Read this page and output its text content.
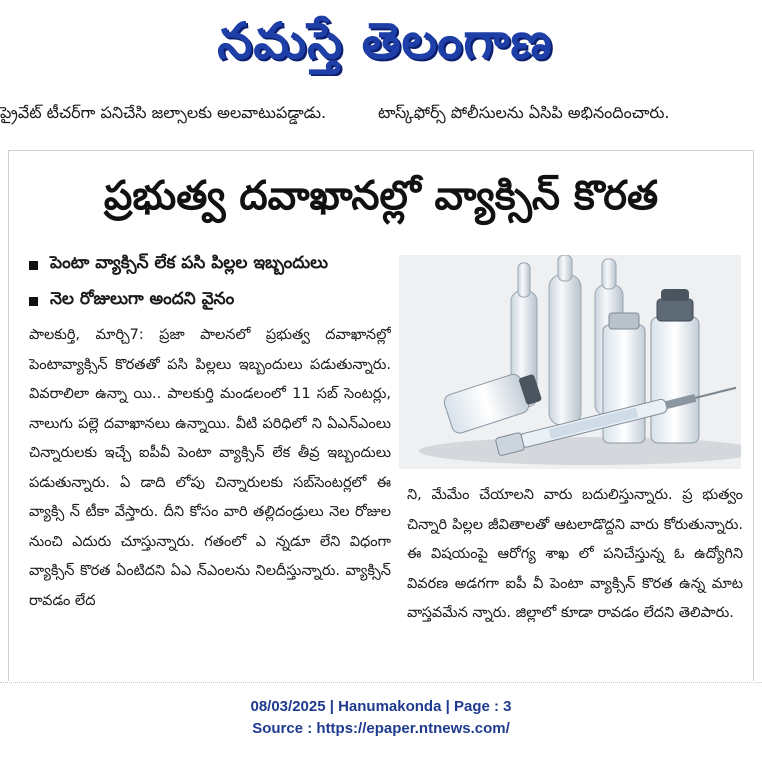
నమస్తే తెలంగాణ
ప్రైవేట్ టీచర్‌గా పనిచేసి జల్సాలకు అలవాటుపడ్డాడు.	టాస్క్‌ఫోర్స్ పోలీసులను ఏసిపి అభినందించారు.
ప్రభుత్వ దవాఖానల్లో వ్యాక్సిన్ కొరత
పెంటా వ్యాక్సిన్ లేక పసి పిల్లల ఇబ్బందులు
నెల రోజులుగా అందని వైనం
పాలకుర్తి, మార్చి7: ప్రజా పాలనలో ప్రభుత్వ దవాఖానల్లో పెంటావ్యాక్సిన్ కొరతతో పసి పిల్లలు ఇబ్బందులు పడుతున్నారు. వివరాలిలా ఉన్నా యి.. పాలకుర్తి మండలంలో 11 సబ్ సెంటర్లు, నాలుగు పల్లె దవాఖానలు ఉన్నాయి. వీటి పరిధిలో ని ఏఎన్ఎంలు చిన్నారులకు ఇచ్చే ఐపీవీ పెంటా వ్యాక్సిన్ లేక తీవ్ర ఇబ్బందులు పడుతున్నారు. ఏ డాది లోపు చిన్నారులకు సబ్‌సెంటర్లలో ఈ వ్యాక్సి న్ టీకా వేస్తారు. దీని కోసం వారి తల్లిదండ్రులు నెల రోజుల నుంచి ఎదురు చూస్తున్నారు. గతంలో ఎ న్నడూ లేని విధంగా వ్యాక్సిన్ కొరత ఏంటిదని ఏఎ న్ఎంలను నిలదీస్తున్నారు. వ్యాక్సిన్ రావడం లేద
ని, మేమేం చేయాలని వారు బదులిస్తున్నారు. ప్ర భుత్వం చిన్నారి పిల్లల జీవితాలతో ఆటలాడొద్దని వారు కోరుతున్నారు. ఈ విషయంపై ఆరోగ్య శాఖ లో పనిచేస్తున్న ఓ ఉద్యోగిని వివరణ అడగగా ఐపీ వీ పెంటా వ్యాక్సిన్ కొరత ఉన్న మాట వాస్తవమేన న్నారు. జిల్లాలో కూడా రావడం లేదని తెలిపారు.
08/03/2025 | Hanumakonda | Page : 3
Source : https://epaper.ntnews.com/
